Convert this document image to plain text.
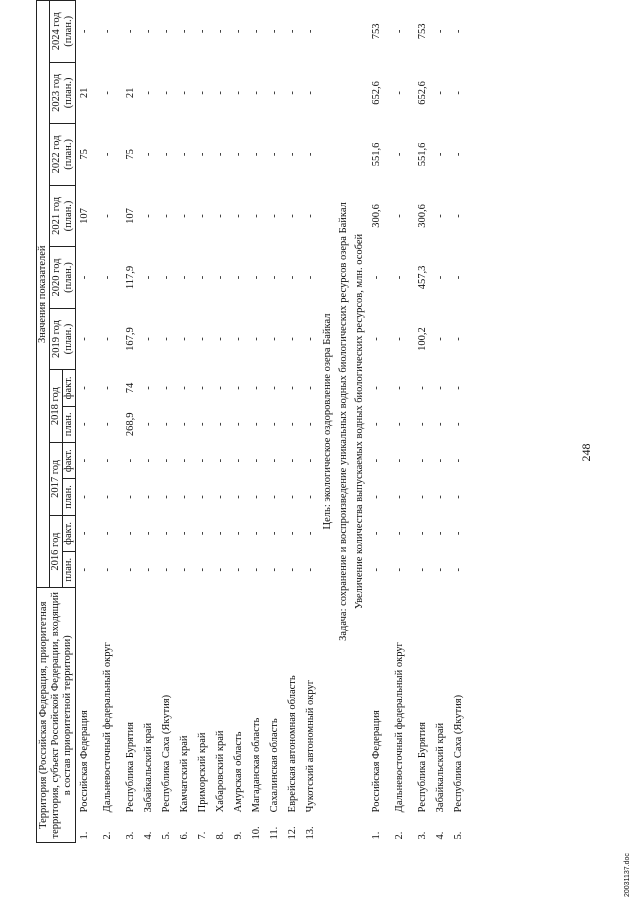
Территория (Российская Федерация, приоритетная территория, субъект Российской Федерации, входящий в состав приоритетной территории)		Значения показателей											
		2016 год		2017 год		2018 год		2019 год (план.)	2020 год (план.)	2021 год (план.)	2022 год (план.)	2023 год (план.)	2024 год (план.)
		план.	факт.	план.	факт.	план.	факт.						
1.	Российская Федерация	-	-	-	-	-	-	-	-	107	75	21	-
2.	Дальневосточный федеральный округ	-	-	-	-	-	-	-	-	-	-	-	-
3.	Республика Бурятия	-	-	-	-	268,9	74	167,9	117,9	107	75	21	-
4.	Забайкальский край	-	-	-	-	-	-	-	-	-	-	-	-
5.	Республика Саха (Якутия)	-	-	-	-	-	-	-	-	-	-	-	-
6.	Камчатский край	-	-	-	-	-	-	-	-	-	-	-	-
7.	Приморский край	-	-	-	-	-	-	-	-	-	-	-	-
8.	Хабаровский край	-	-	-	-	-	-	-	-	-	-	-	-
9.	Амурская область	-	-	-	-	-	-	-	-	-	-	-	-
10.	Магаданская область	-	-	-	-	-	-	-	-	-	-	-	-
11.	Сахалинская область	-	-	-	-	-	-	-	-	-	-	-	-
12.	Еврейская автономная область	-	-	-	-	-	-	-	-	-	-	-	-
13.	Чукотский автономный округ	-	-	-	-	-	-	-	-	-	-	-	-
Цель: экологическое оздоровление озера Байкал													
Задача: сохранение и воспроизведение уникальных водных биологических ресурсов озера Байкал													
Увеличение количества выпускаемых водных биологических ресурсов, млн. особей													
1.	Российская Федерация	-	-	-	-	-	-	-	-	300,6	551,6	652,6	753
2.	Дальневосточный федеральный округ	-	-	-	-	-	-	-	-	-	-	-	-
3.	Республика Бурятия	-	-	-	-	-	-	100,2	457,3	300,6	551,6	652,6	753
4.	Забайкальский край	-	-	-	-	-	-	-	-	-	-	-	-
5.	Республика Саха (Якутия)	-	-	-	-	-	-	-	-	-	-	-	-
248
20031137.doc
